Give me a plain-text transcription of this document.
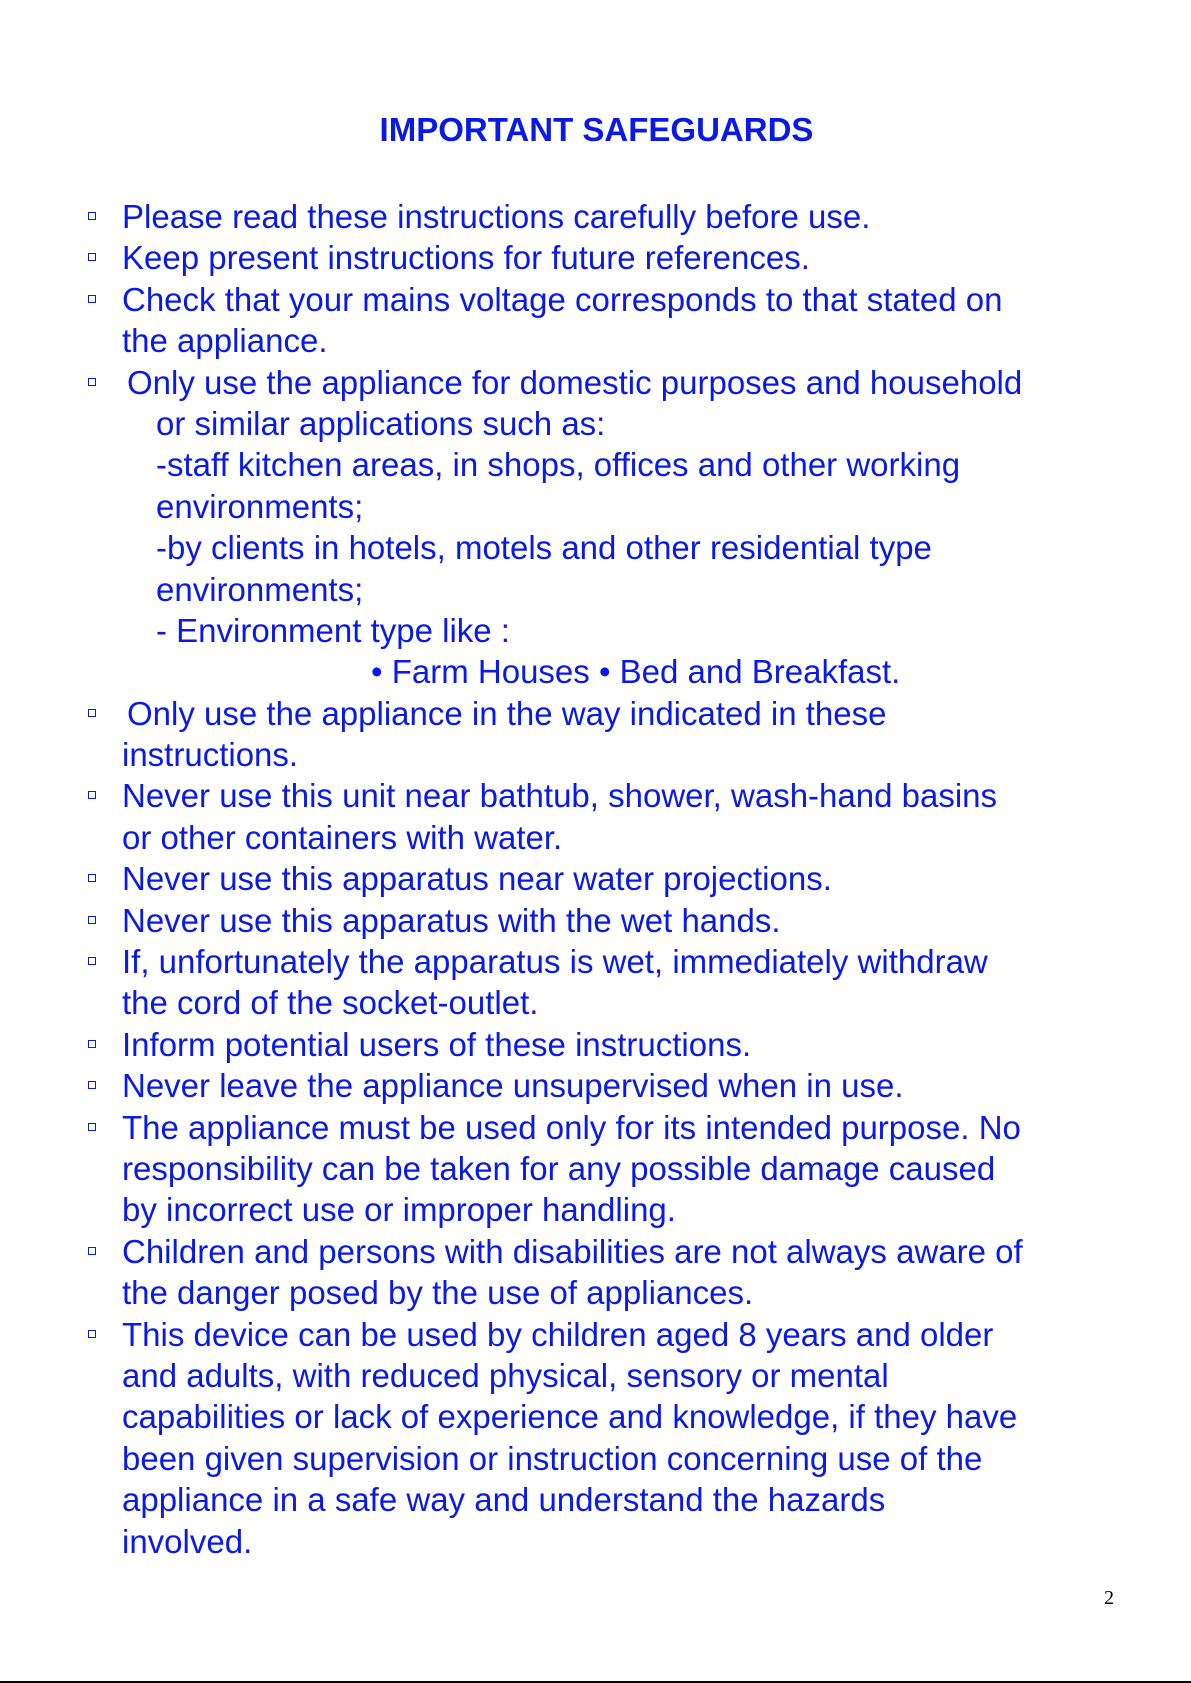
IMPORTANT SAFEGUARDS
Please read these instructions carefully before use.
Keep present instructions for future references.
Check that your mains voltage corresponds to that stated on
the appliance.
Only use the appliance for domestic purposes and household
or similar applications such as:
-staff kitchen areas, in shops, offices and other working
environments;
-by clients in hotels, motels and other residential type
environments;
- Environment type like :
• Farm Houses • Bed and Breakfast.
Only use the appliance in the way indicated in these
instructions.
Never use this unit near bathtub, shower, wash-hand basins
or other containers with water.
Never use this apparatus near water projections.
Never use this apparatus with the wet hands.
If, unfortunately the apparatus is wet, immediately withdraw
the cord of the socket-outlet.
Inform potential users of these instructions.
Never leave the appliance unsupervised when in use.
The appliance must be used only for its intended purpose. No
responsibility can be taken for any possible damage caused
by incorrect use or improper handling.
Children and persons with disabilities are not always aware of
the danger posed by the use of appliances.
This device can be used by children aged 8 years and older
and adults, with reduced physical, sensory or mental
capabilities or lack of experience and knowledge, if they have
been given supervision or instruction concerning use of the
appliance in a safe way and understand the hazards
involved.
2
